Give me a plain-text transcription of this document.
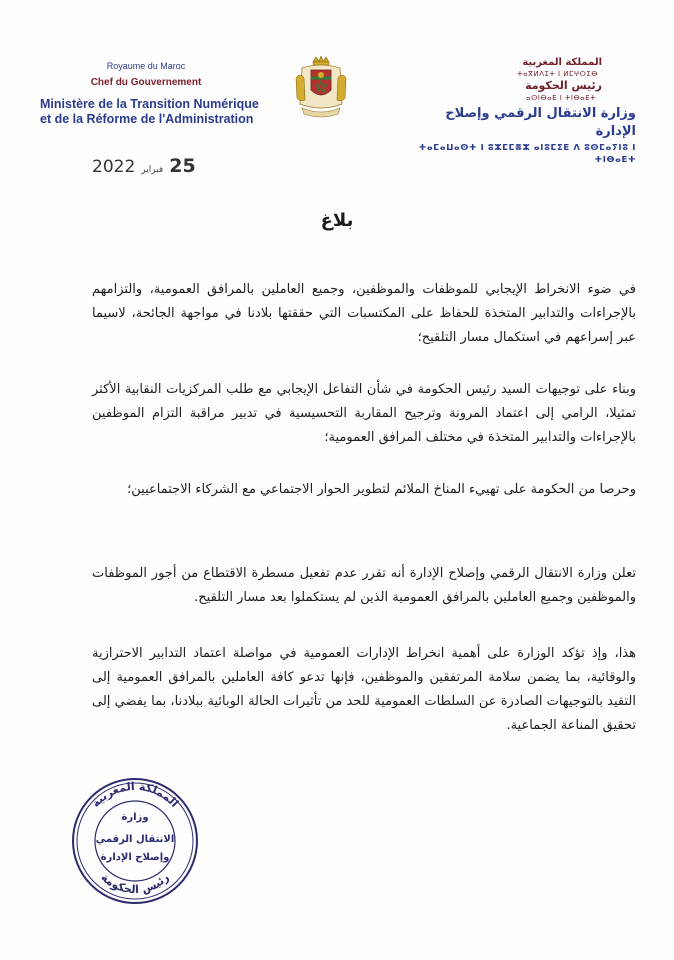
Royaume du Maroc
Chef du Gouvernement
Ministère de la Transition Numérique
et de la Réforme de l'Administration
المملكة المغربية
ⵜⴰⴳⵍⴷⵉⵜ ⵏ ⵍⵎⵖⵔⵉⴱ
رئيس الحكومة
ⴰⵙⵏⴱⴰⴹ ⵏ ⵜⵏⴱⴰⴹⵜ
وزارة الانتقال الرقمي وإصلاح الإدارة
ⵜⴰⵎⴰⵡⴰⵙⵜ ⵏ ⵓⵣⵎⵎⴻⵣ ⴰⵏⵓⵎⵉⴹ ⴷ ⵓⵙⵎⴰⵢⵏⵓ ⵏ ⵜⵏⴱⴰⴹⵜ
25فبراير2022
بلاغ

في ضوء الانخراط الإيجابي للموظفات والموظفين، وجميع العاملين بالمرافق العمومية، والتزامهم بالإجراءات والتدابير المتخذة للحفاظ على المكتسبات التي حققتها بلادنا في مواجهة الجائحة، لاسيما عبر إسراعهم في استكمال مسار التلقيح؛

وبناء على توجيهات السيد رئيس الحكومة في شأن التفاعل الإيجابي مع طلب المركزيات النقابية الأكثر تمثيلا، الرامي إلى اعتماد المرونة وترجيح المقاربة التحسيسية في تدبير مراقبة التزام الموظفين بالإجراءات والتدابير المتخذة في مختلف المرافق العمومية؛

وحرصا من الحكومة على تهييء المناخ الملائم لتطوير الحوار الاجتماعي مع الشركاء الاجتماعيين؛

تعلن وزارة الانتقال الرقمي وإصلاح الإدارة أنه تقرر عدم تفعيل مسطرة الاقتطاع من أجور الموظفات والموظفين وجميع العاملين بالمرافق العمومية الذين لم يستكملوا بعد مسار التلقيح.

هذا، وإذ تؤكد الوزارة على أهمية انخراط الإدارات العمومية في مواصلة اعتماد التدابير الاحترازية والوقائية، بما يضمن سلامة المرتفقين والموظفين، فإنها تدعو كافة العاملين بالمرافق العمومية إلى التقيد بالتوجيهات الصادرة عن السلطات العمومية للحد من تأثيرات الحالة الوبائية ببلادنا، بما يفضي إلى تحقيق المناعة الجماعية.

المملكة المغربية
رئيس الحكومة
وزارة
الانتقال الرقمي
وإصلاح الإدارة
